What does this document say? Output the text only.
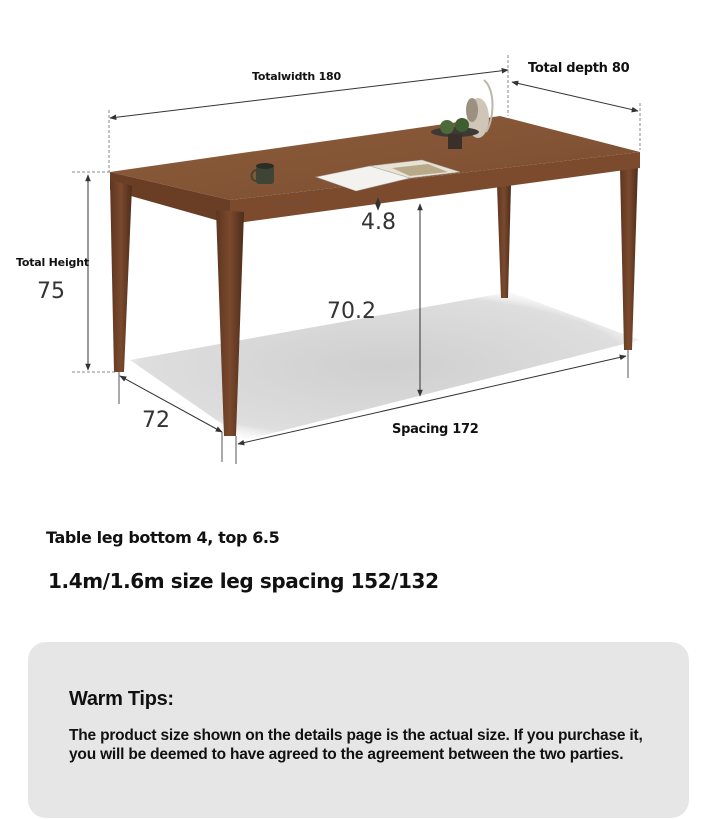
Totalwidth 180
Total depth 80
Total Height
75
4.8
70.2
72	Spacing 172
Table leg bottom 4, top 6.5
1.4m/1.6m size leg spacing 152/132
Warm Tips:
The product size shown on the details page is the actual size. If you purchase it, you will be deemed to have agreed to the agreement between the two parties.
